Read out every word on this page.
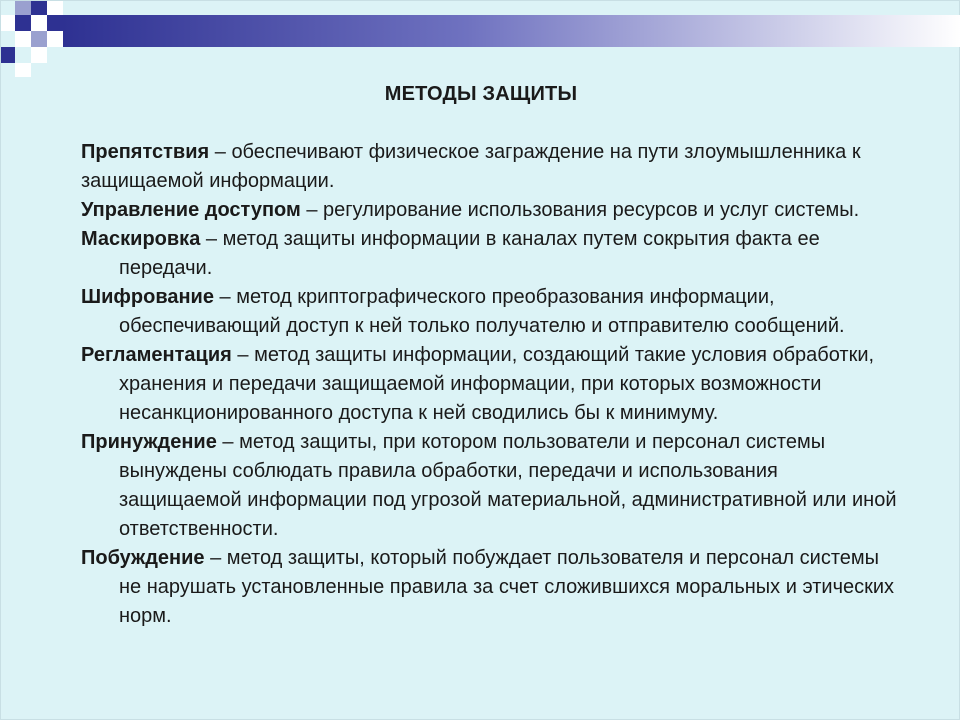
МЕТОДЫ ЗАЩИТЫ

Препятствия – обеспечивают физическое заграждение на пути злоумышленника к защищаемой информации.

Управление доступом – регулирование использования ресурсов и услуг системы.

Маскировка – метод защиты информации в каналах путем сокрытия факта ее передачи.

Шифрование – метод криптографического преобразования информации, обеспечивающий доступ к ней только получателю и отправителю сообщений.

Регламентация – метод защиты информации, создающий такие условия обработки, хранения и передачи защищаемой информации, при которых возможности несанкционированного доступа к ней сводились бы к минимуму.

Принуждение – метод защиты, при котором пользователи и персонал системы вынуждены соблюдать правила обработки, передачи и использования защищаемой информации под угрозой материальной, административной или иной ответственности.

Побуждение – метод защиты, который побуждает пользователя и персонал системы не нарушать установленные правила за счет сложившихся моральных и этических норм.
